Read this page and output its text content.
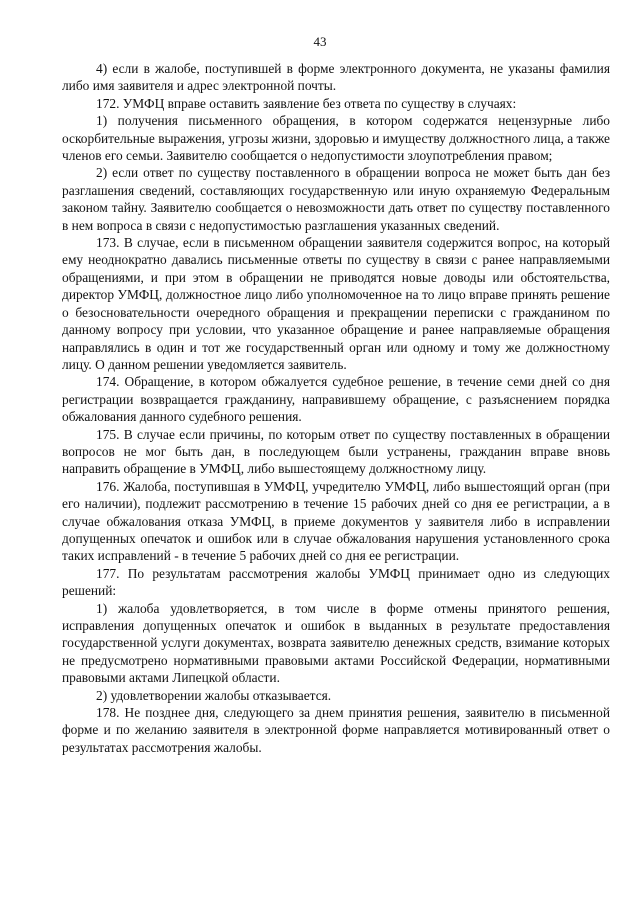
43

4) если в жалобе, поступившей в форме электронного документа, не указаны фамилия либо имя заявителя и адрес электронной почты.

172. УМФЦ вправе оставить заявление без ответа по существу в случаях:

1) получения письменного обращения, в котором содержатся нецензурные либо оскорбительные выражения, угрозы жизни, здоровью и имуществу должностного лица, а также членов его семьи. Заявителю сообщается о недопустимости злоупотребления правом;

2) если ответ по существу поставленного в обращении вопроса не может быть дан без разглашения сведений, составляющих государственную или иную охраняемую Федеральным законом тайну. Заявителю сообщается о невозможности дать ответ по существу поставленного в нем вопроса в связи с недопустимостью разглашения указанных сведений.

173. В случае, если в письменном обращении заявителя содержится вопрос, на который ему неоднократно давались письменные ответы по существу в связи с ранее направляемыми обращениями, и при этом в обращении не приводятся новые доводы или обстоятельства, директор УМФЦ, должностное лицо либо уполномоченное на то лицо вправе принять решение о безосновательности очередного обращения и прекращении переписки с гражданином по данному вопросу при условии, что указанное обращение и ранее направляемые обращения направлялись в один и тот же государственный орган или одному и тому же должностному лицу. О данном решении уведомляется заявитель.

174. Обращение, в котором обжалуется судебное решение, в течение семи дней со дня регистрации возвращается гражданину, направившему обращение, с разъяснением порядка обжалования данного судебного решения.

175. В случае если причины, по которым ответ по существу поставленных в обращении вопросов не мог быть дан, в последующем были устранены, гражданин вправе вновь направить обращение в УМФЦ, либо вышестоящему должностному лицу.

176. Жалоба, поступившая в УМФЦ, учредителю УМФЦ, либо вышестоящий орган (при его наличии), подлежит рассмотрению в течение 15 рабочих дней со дня ее регистрации, а в случае обжалования отказа УМФЦ, в приеме документов у заявителя либо в исправлении допущенных опечаток и ошибок или в случае обжалования нарушения установленного срока таких исправлений - в течение 5 рабочих дней со дня ее регистрации.

177. По результатам рассмотрения жалобы УМФЦ принимает одно из следующих решений:

1) жалоба удовлетворяется, в том числе в форме отмены принятого решения, исправления допущенных опечаток и ошибок в выданных в результате предоставления государственной услуги документах, возврата заявителю денежных средств, взимание которых не предусмотрено нормативными правовыми актами Российской Федерации, нормативными правовыми актами Липецкой области.

2) удовлетворении жалобы отказывается.

178. Не позднее дня, следующего за днем принятия решения, заявителю в письменной форме и по желанию заявителя в электронной форме направляется мотивированный ответ о результатах рассмотрения жалобы.
